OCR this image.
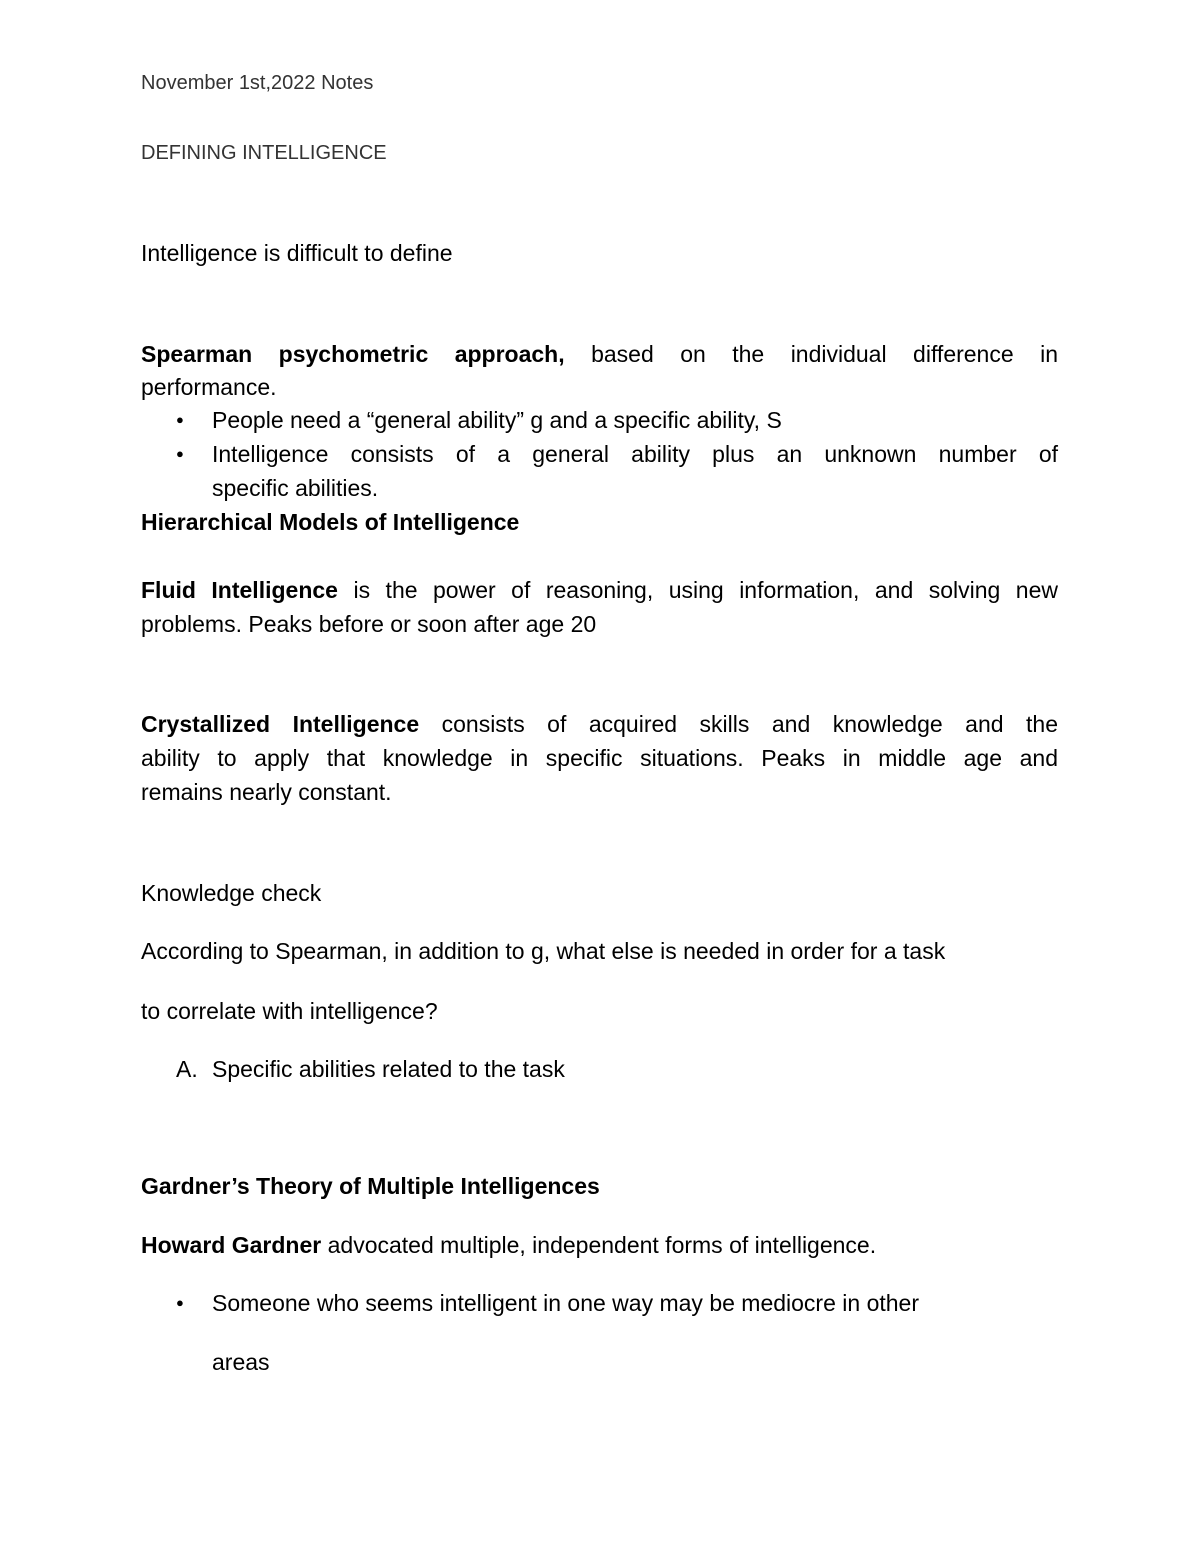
November 1st,2022 Notes
DEFINING INTELLIGENCE
Intelligence is difficult to define
Spearman psychometric approach, based on the individual difference in
performance.
●	People need a “general ability” g and a specific ability, S
●	Intelligence consists of a general ability plus an unknown number of
specific abilities.
Hierarchical Models of Intelligence
Fluid Intelligence is the power of reasoning, using information, and solving new
problems. Peaks before or soon after age 20
Crystallized Intelligence consists of acquired skills and knowledge and the
ability to apply that knowledge in specific situations. Peaks in middle age and
remains nearly constant.
Knowledge check
According to Spearman, in addition to g, what else is needed in order for a task
to correlate with intelligence?
A. Specific abilities related to the task
Gardner’s Theory of Multiple Intelligences
Howard Gardner advocated multiple, independent forms of intelligence.
●	Someone who seems intelligent in one way may be mediocre in other
areas
